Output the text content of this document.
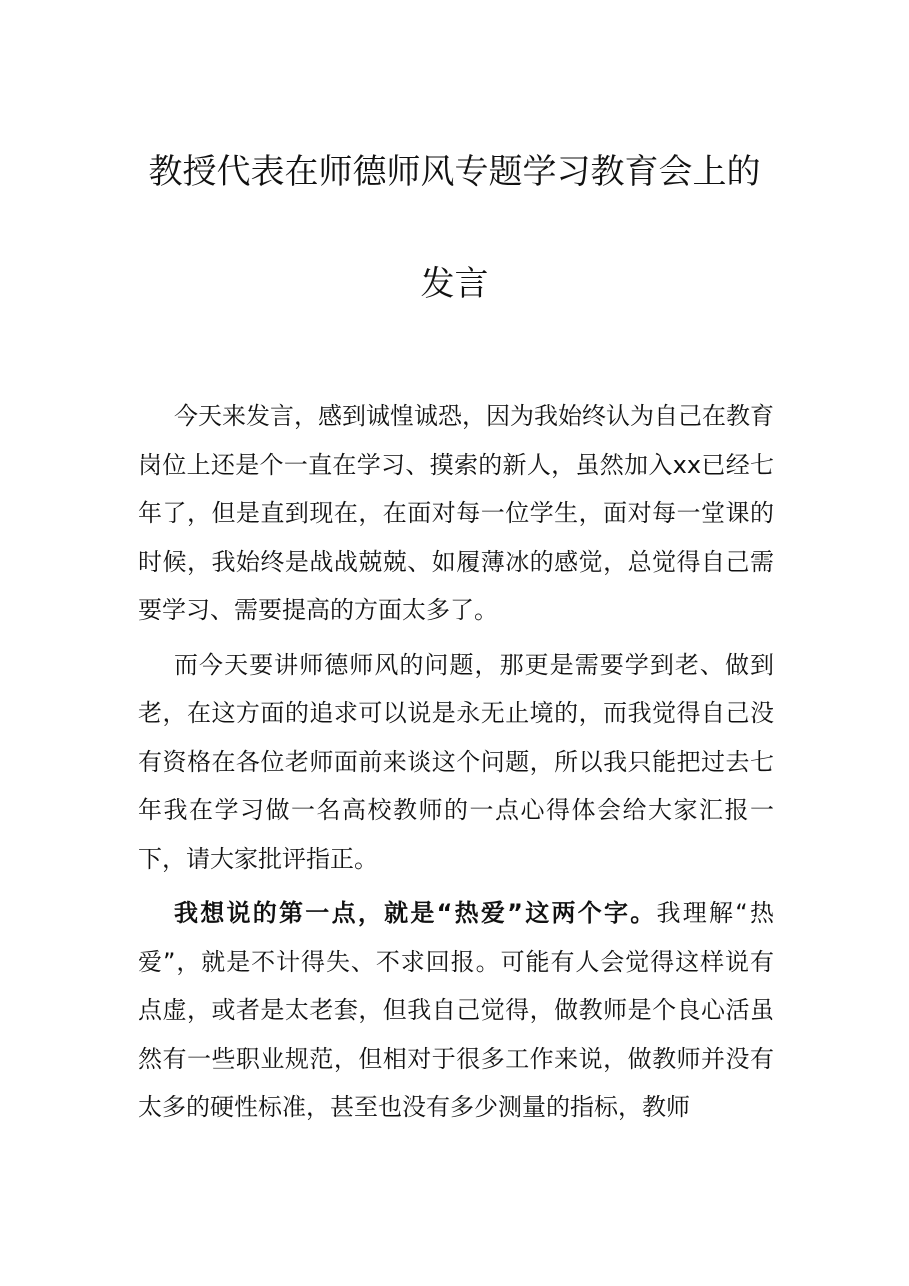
教授代表在师德师风专题学习教育会上的
发言

今天来发言，感到诚惶诚恐，因为我始终认为自己在教育岗位上还是个一直在学习、摸索的新人，虽然加入xx已经七年了，但是直到现在，在面对每一位学生，面对每一堂课的时候，我始终是战战兢兢、如履薄冰的感觉，总觉得自己需要学习、需要提高的方面太多了。

而今天要讲师德师风的问题，那更是需要学到老、做到老，在这方面的追求可以说是永无止境的，而我觉得自己没有资格在各位老师面前来谈这个问题，所以我只能把过去七年我在学习做一名高校教师的一点心得体会给大家汇报一下，请大家批评指正。

我想说的第一点，就是“热爱”这两个字。我理解“热爱”，就是不计得失、不求回报。可能有人会觉得这样说有点虚，或者是太老套，但我自己觉得，做教师是个良心活虽然有一些职业规范，但相对于很多工作来说，做教师并没有太多的硬性标准，甚至也没有多少测量的指标，教师
